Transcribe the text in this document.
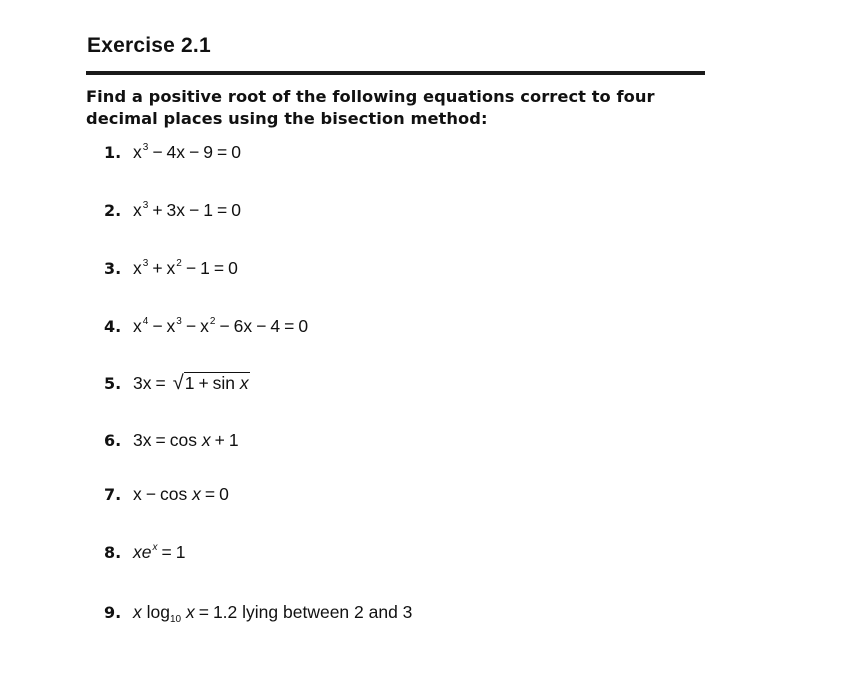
Exercise 2.1
Find a positive root of the following equations correct to four decimal places using the bisection method:
1. $x^3 - 4x - 9 = 0$
2. $x^3 + 3x - 1 = 0$
3. $x^3 + x^2 - 1 = 0$
4. $x^4 - x^3 - x^2 - 6x - 4 = 0$
5. 3x = √1 + sin x
6. 3x = cos x + 1
7. x − cos x = 0
8. $xe^x = 1$
9. x $\log_{10} x = 1.2$ lying between 2 and 3
